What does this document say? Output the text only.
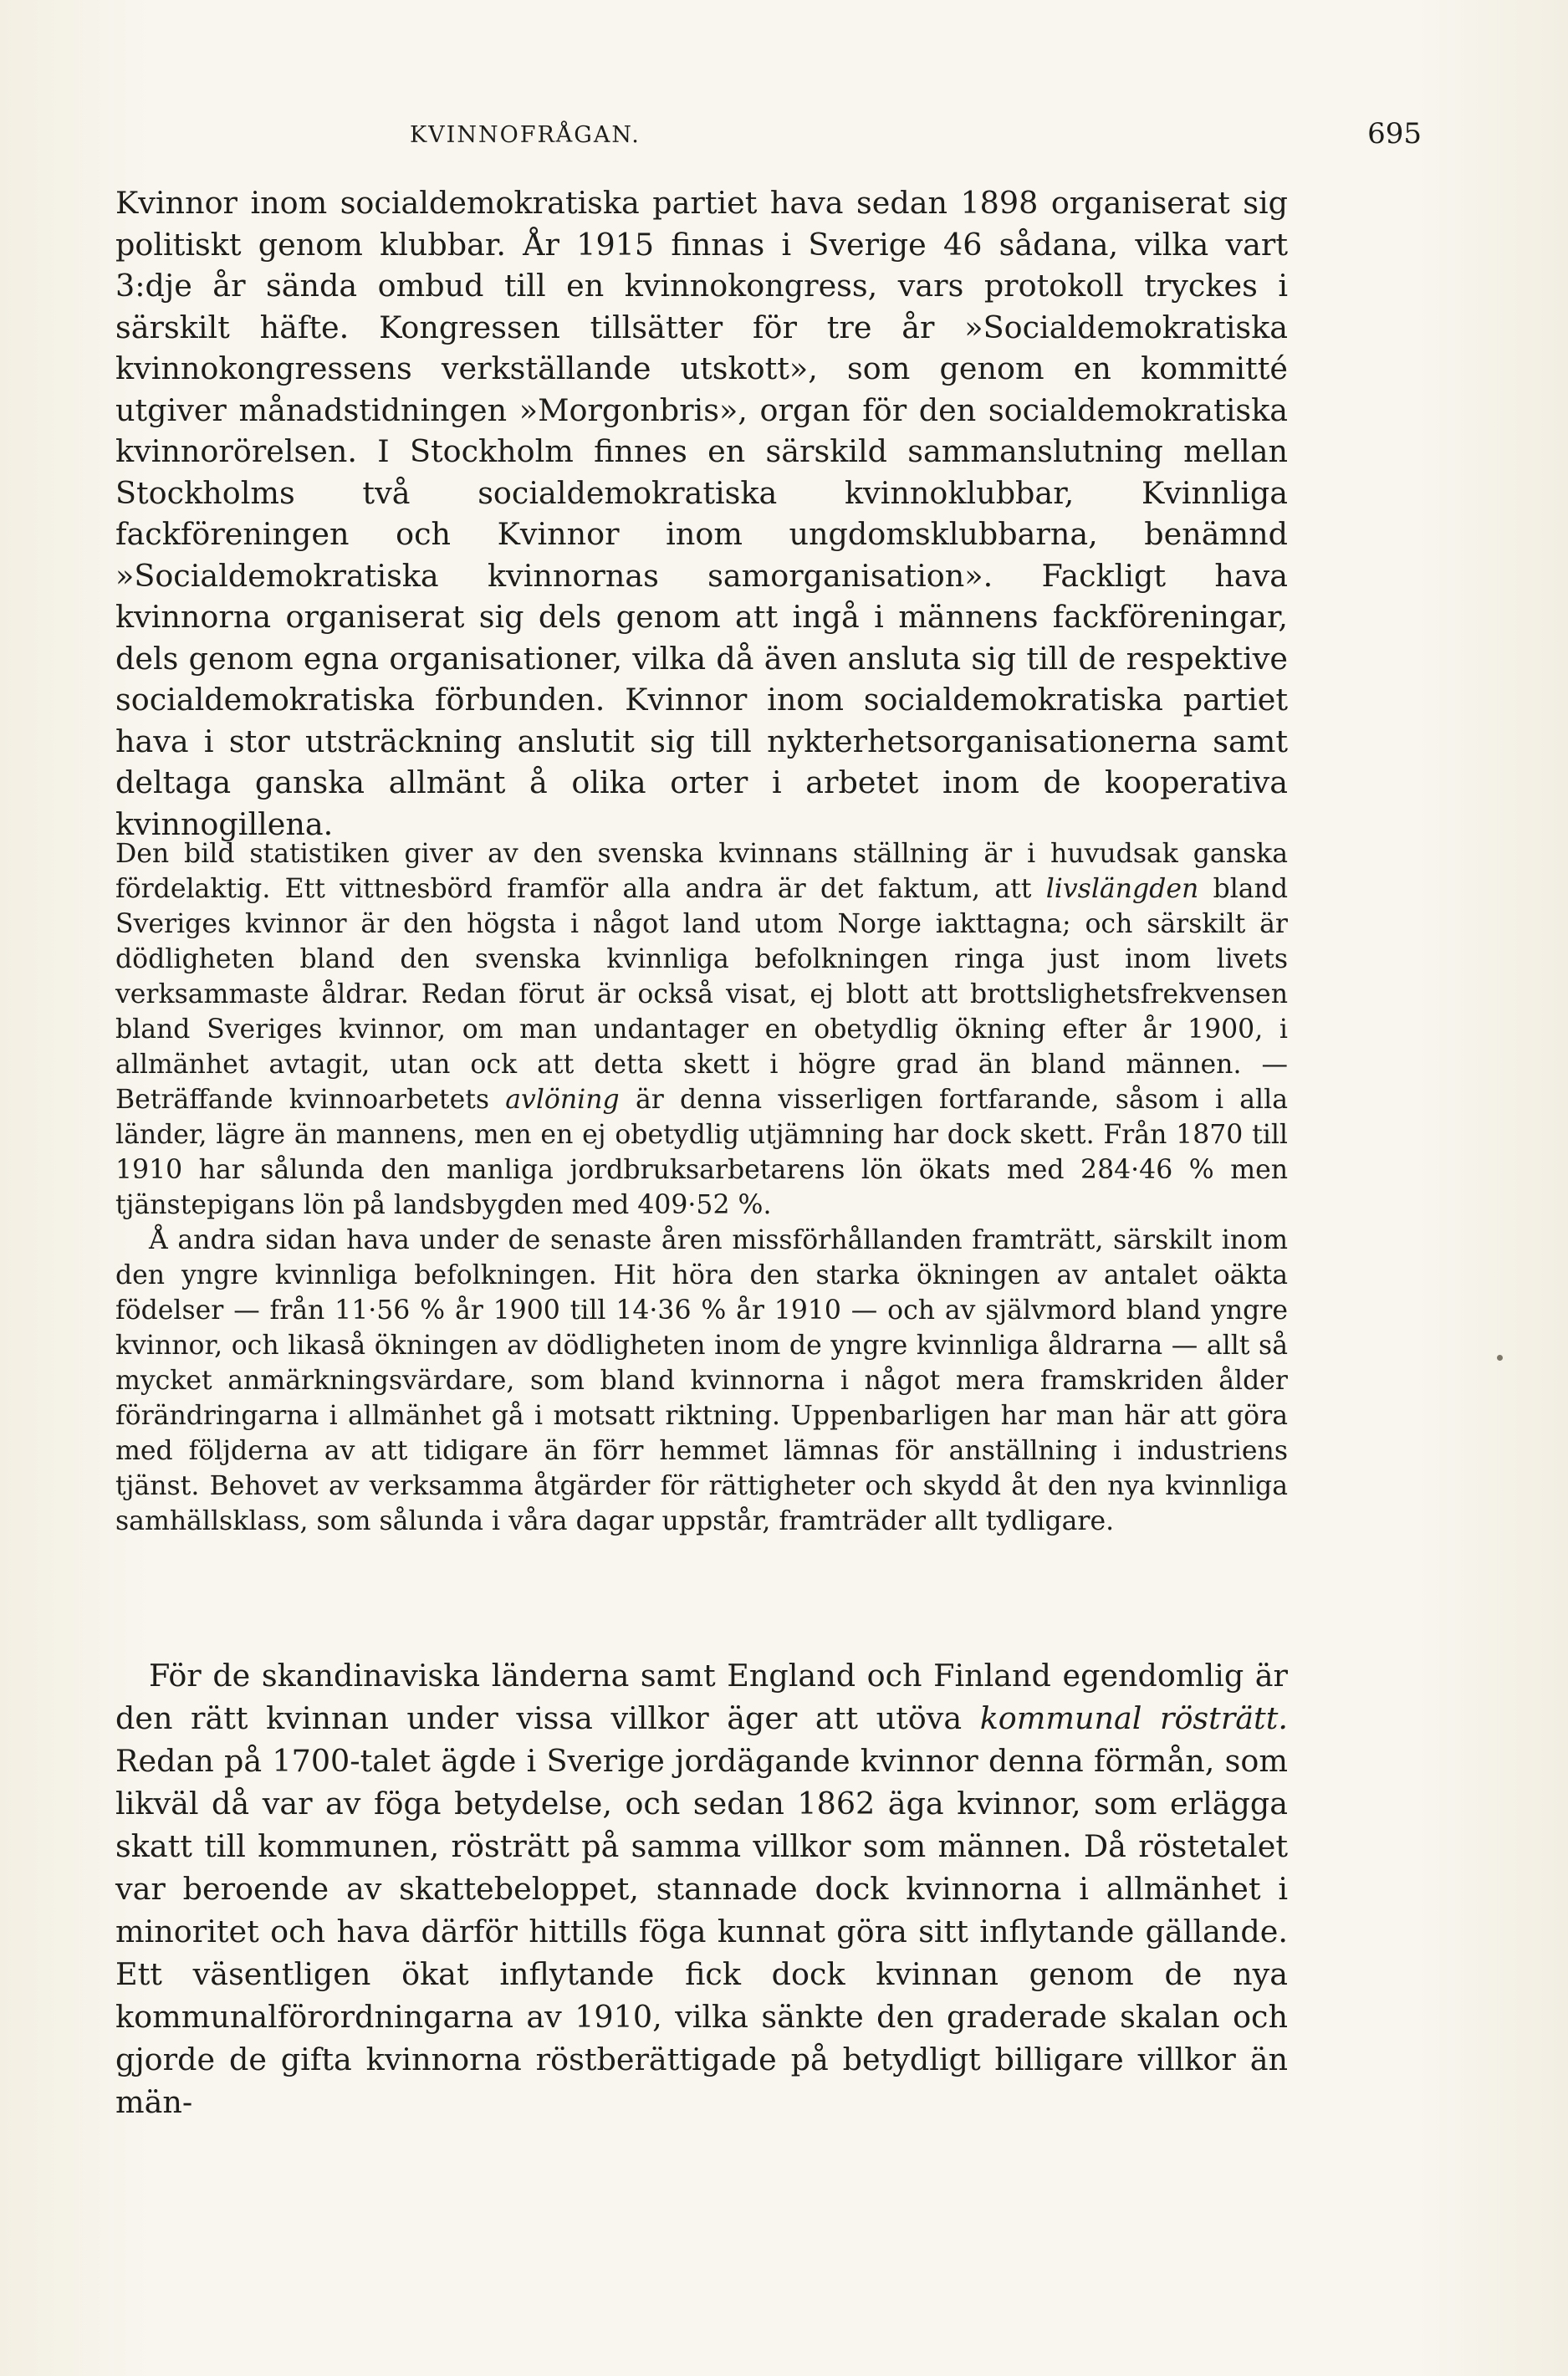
KVINNOFRÅGAN.	695

Kvinnor inom socialdemokratiska partiet hava sedan 1898 organiserat sig politiskt genom klubbar. År 1915 finnas i Sverige 46 sådana, vilka vart 3:dje år sända ombud till en kvinnokongress, vars protokoll tryckes i särskilt häfte. Kongressen tillsätter för tre år »Socialdemokratiska kvinnokongressens verkställande utskott», som genom en kommitté utgiver månadstidningen »Morgonbris», organ för den socialdemokratiska kvinnorörelsen. I Stockholm finnes en särskild sammanslutning mellan Stockholms två socialdemokratiska kvinnoklubbar, Kvinnliga fackföreningen och Kvinnor inom ungdomsklubbarna, benämnd »Socialdemokratiska kvinnornas samorganisation». Fackligt hava kvinnorna organiserat sig dels genom att ingå i männens fackföreningar, dels genom egna organisationer, vilka då även ansluta sig till de respektive socialdemokratiska förbunden. Kvinnor inom socialdemokratiska partiet hava i stor utsträckning anslutit sig till nykterhetsorganisationerna samt deltaga ganska allmänt å olika orter i arbetet inom de kooperativa kvinnogillena.

Den bild statistiken giver av den svenska kvinnans ställning är i huvudsak ganska fördelaktig. Ett vittnesbörd framför alla andra är det faktum, att livslängden bland Sveriges kvinnor är den högsta i något land utom Norge iakttagna; och särskilt är dödligheten bland den svenska kvinnliga befolkningen ringa just inom livets verksammaste åldrar. Redan förut är också visat, ej blott att brottslighetsfrekvensen bland Sveriges kvinnor, om man undantager en obetydlig ökning efter år 1900, i allmänhet avtagit, utan ock att detta skett i högre grad än bland männen. — Beträffande kvinnoarbetets avlöning är denna visserligen fortfarande, såsom i alla länder, lägre än mannens, men en ej obetydlig utjämning har dock skett. Från 1870 till 1910 har sålunda den manliga jordbruksarbetarens lön ökats med 284·46 % men tjänstepigans lön på landsbygden med 409·52 %.

Å andra sidan hava under de senaste åren missförhållanden framträtt, särskilt inom den yngre kvinnliga befolkningen. Hit höra den starka ökningen av antalet oäkta födelser — från 11·56 % år 1900 till 14·36 % år 1910 — och av självmord bland yngre kvinnor, och likaså ökningen av dödligheten inom de yngre kvinnliga åldrarna — allt så mycket anmärkningsvärdare, som bland kvinnorna i något mera framskriden ålder förändringarna i allmänhet gå i motsatt riktning. Uppenbarligen har man här att göra med följderna av att tidigare än förr hemmet lämnas för anställning i industriens tjänst. Behovet av verksamma åtgärder för rättigheter och skydd åt den nya kvinnliga samhällsklass, som sålunda i våra dagar uppstår, framträder allt tydligare.

För de skandinaviska länderna samt England och Finland egendomlig är den rätt kvinnan under vissa villkor äger att utöva kommunal rösträtt. Redan på 1700-talet ägde i Sverige jordägande kvinnor denna förmån, som likväl då var av föga betydelse, och sedan 1862 äga kvinnor, som erlägga skatt till kommunen, rösträtt på samma villkor som männen. Då röstetalet var beroende av skattebeloppet, stannade dock kvinnorna i allmänhet i minoritet och hava därför hittills föga kunnat göra sitt inflytande gällande. Ett väsentligen ökat inflytande fick dock kvinnan genom de nya kommunalförordningarna av 1910, vilka sänkte den graderade skalan och gjorde de gifta kvinnorna röstberättigade på betydligt billigare villkor än män-
